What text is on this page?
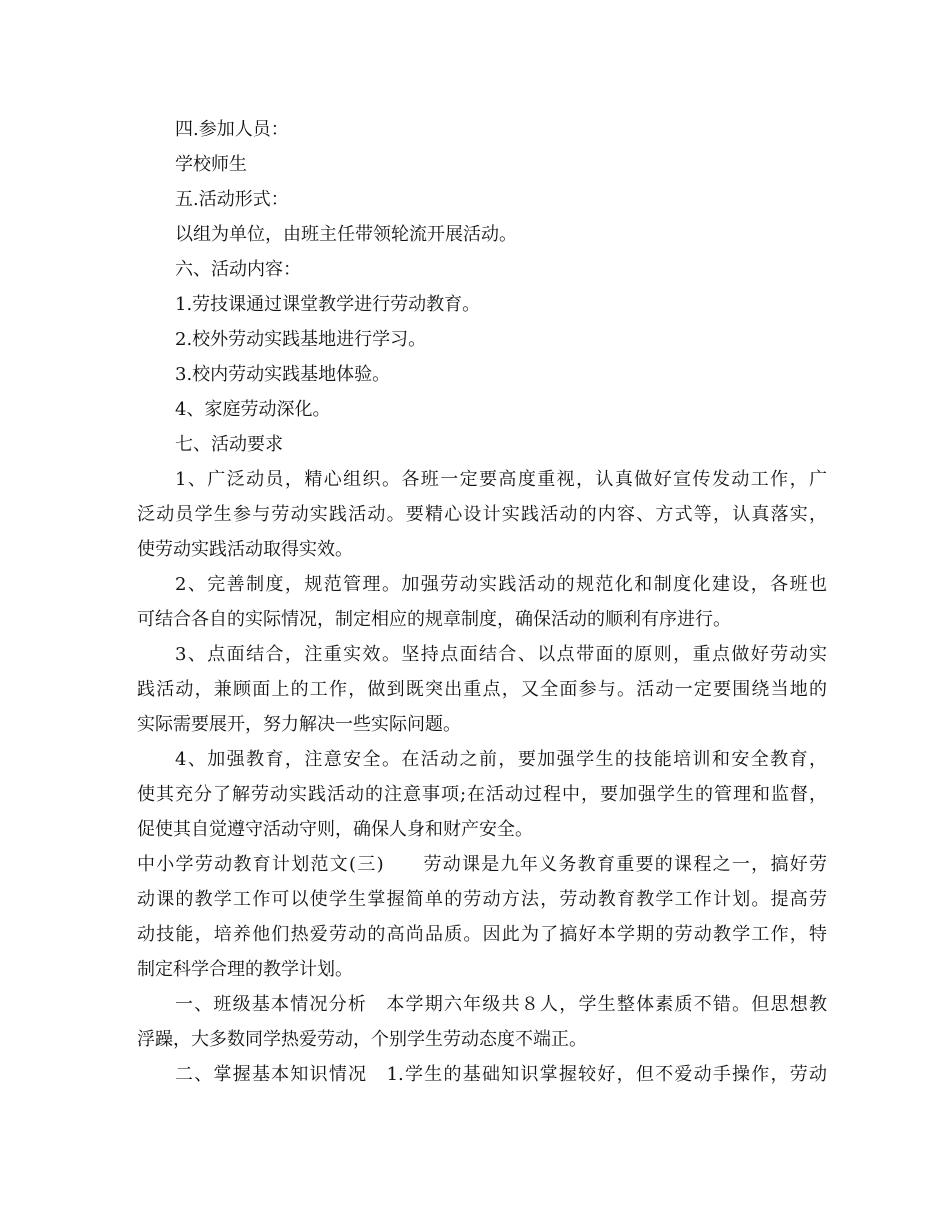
四.参加人员：
学校师生
五.活动形式：
以组为单位，由班主任带领轮流开展活动。
六、活动内容：
1.劳技课通过课堂教学进行劳动教育。
2.校外劳动实践基地进行学习。
3.校内劳动实践基地体验。
4、家庭劳动深化。
七、活动要求
1、广泛动员，精心组织。各班一定要高度重视，认真做好宣传发动工作，广
泛动员学生参与劳动实践活动。要精心设计实践活动的内容、方式等，认真落实，
使劳动实践活动取得实效。
2、完善制度，规范管理。加强劳动实践活动的规范化和制度化建设，各班也
可结合各自的实际情况，制定相应的规章制度，确保活动的顺利有序进行。
3、点面结合，注重实效。坚持点面结合、以点带面的原则，重点做好劳动实
践活动，兼顾面上的工作，做到既突出重点，又全面参与。活动一定要围绕当地的
实际需要展开，努力解决一些实际问题。
4、加强教育，注意安全。在活动之前，要加强学生的技能培训和安全教育，
使其充分了解劳动实践活动的注意事项;在活动过程中，要加强学生的管理和监督，
促使其自觉遵守活动守则，确保人身和财产安全。
中小学劳动教育计划范文(三)　　劳动课是九年义务教育重要的课程之一，搞好劳
动课的教学工作可以使学生掌握简单的劳动方法，劳动教育教学工作计划。提高劳
动技能，培养他们热爱劳动的高尚品质。因此为了搞好本学期的劳动教学工作，特
制定科学合理的教学计划。
一、班级基本情况分析　本学期六年级共８人，学生整体素质不错。但思想教
浮躁，大多数同学热爱劳动，个别学生劳动态度不端正。
二、掌握基本知识情况　1.学生的基础知识掌握较好，但不爱动手操作，劳动
